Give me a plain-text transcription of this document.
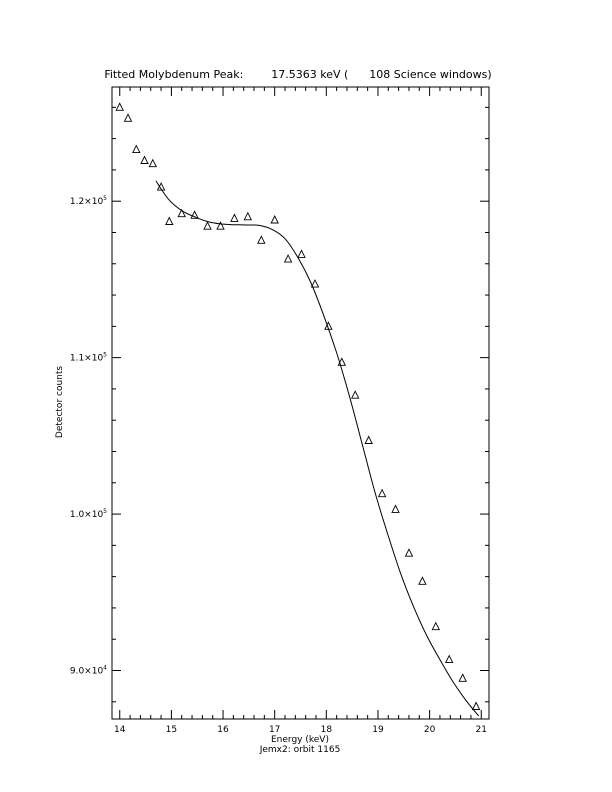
Fitted Molybdenum Peak:        17.5363 keV (      108 Science windows)
$9.0\times 10^4$
$1.0\times 10^5$
$1.1\times 10^5$
$1.2\times 10^5$
14	15	16	17	18	19	20	21
Detector counts
Energy (keV)
Jemx2: orbit 1165
